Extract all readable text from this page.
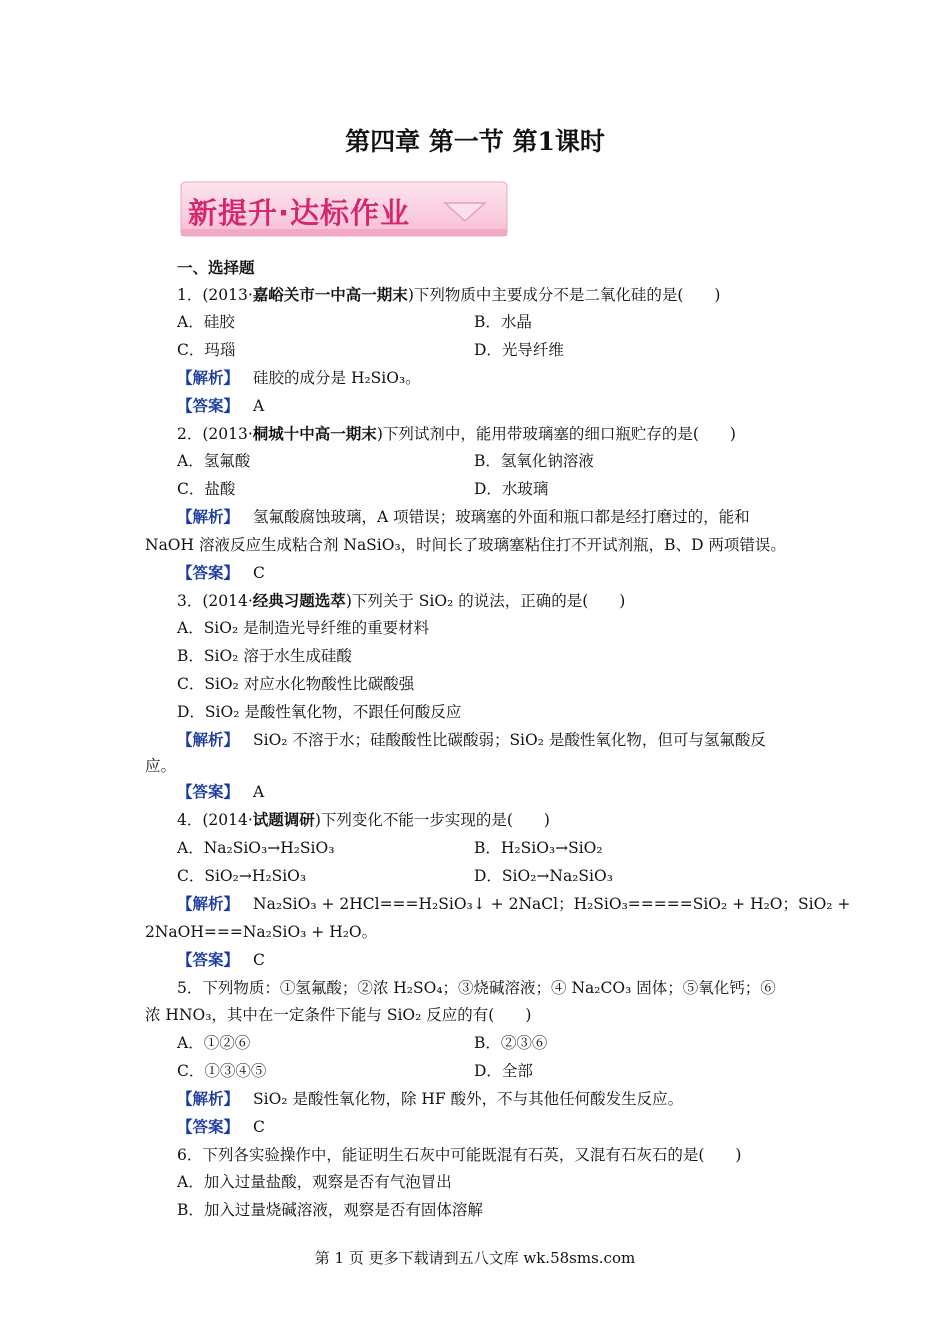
第四章 第一节 第1课时
新提升·达标作业
一、选择题
1．(2013·嘉峪关市一中高一期末)下列物质中主要成分不是二氧化硅的是(　　)
A．硅胶	B．水晶
C．玛瑙	D．光导纤维
【解析】 硅胶的成分是 H₂SiO₃。
【答案】 A
2．(2013·桐城十中高一期末)下列试剂中，能用带玻璃塞的细口瓶贮存的是(　　)
A．氢氟酸	B．氢氧化钠溶液
C．盐酸	D．水玻璃
【解析】 氢氟酸腐蚀玻璃，A 项错误；玻璃塞的外面和瓶口都是经打磨过的，能和
NaOH 溶液反应生成粘合剂 NaSiO₃，时间长了玻璃塞粘住打不开试剂瓶，B、D 两项错误。
【答案】 C
3．(2014·经典习题选萃)下列关于 SiO₂ 的说法，正确的是(　　)
A．SiO₂ 是制造光导纤维的重要材料
B．SiO₂ 溶于水生成硅酸
C．SiO₂ 对应水化物酸性比碳酸强
D．SiO₂ 是酸性氧化物，不跟任何酸反应
【解析】 SiO₂ 不溶于水；硅酸酸性比碳酸弱；SiO₂ 是酸性氧化物，但可与氢氟酸反
应。
【答案】 A
4．(2014·试题调研)下列变化不能一步实现的是(　　)
A．Na₂SiO₃→H₂SiO₃	B．H₂SiO₃→SiO₂
C．SiO₂→H₂SiO₃	D．SiO₂→Na₂SiO₃
【解析】 Na₂SiO₃ + 2HCl===H₂SiO₃↓ + 2NaCl；H₂SiO₃=====SiO₂ + H₂O；SiO₂ +
2NaOH===Na₂SiO₃ + H₂O。
【答案】 C
5．下列物质：①氢氟酸；②浓 H₂SO₄；③烧碱溶液；④ Na₂CO₃ 固体；⑤氧化钙；⑥
浓 HNO₃，其中在一定条件下能与 SiO₂ 反应的有(　　)
A．①②⑥	B．②③⑥
C．①③④⑤	D．全部
【解析】 SiO₂ 是酸性氧化物，除 HF 酸外，不与其他任何酸发生反应。
【答案】 C
6．下列各实验操作中，能证明生石灰中可能既混有石英，又混有石灰石的是(　　)
A．加入过量盐酸，观察是否有气泡冒出
B．加入过量烧碱溶液，观察是否有固体溶解
第 1 页 更多下载请到五八文库 wk.58sms.com
